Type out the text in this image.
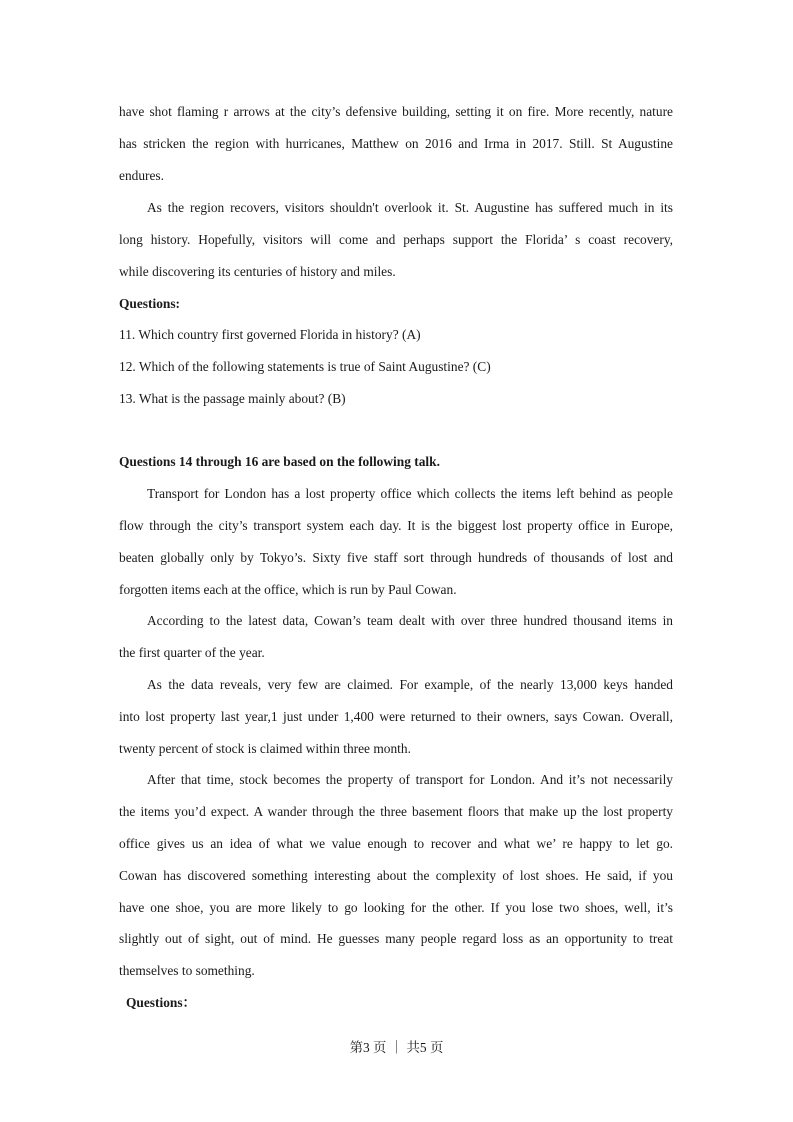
have shot flaming r arrows at the city’s defensive building, setting it on fire. More recently, nature
has stricken the region with hurricanes, Matthew on 2016 and Irma in 2017. Still. St Augustine
endures.
As the region recovers, visitors shouldn't overlook it. St. Augustine has suffered much in its
long history. Hopefully, visitors will come and perhaps support the Florida’ s coast recovery,
while discovering its centuries of history and miles.
Questions:
11. Which country first governed Florida in history? (A)
12. Which of the following statements is true of Saint Augustine? (C)
13. What is the passage mainly about? (B)
Questions 14 through 16 are based on the following talk.
Transport for London has a lost property office which collects the items left behind as people
flow through the city’s transport system each day. It is the biggest lost property office in Europe,
beaten globally only by Tokyo’s. Sixty five staff sort through hundreds of thousands of lost and
forgotten items each at the office, which is run by Paul Cowan.
According to the latest data, Cowan’s team dealt with over three hundred thousand items in
the first quarter of the year.
As the data reveals, very few are claimed. For example, of the nearly 13,000 keys handed
into lost property last year,1 just under 1,400 were returned to their owners, says Cowan. Overall,
twenty percent of stock is claimed within three month.
After that time, stock becomes the property of transport for London. And it’s not necessarily
the items you’d expect. A wander through the three basement floors that make up the lost property
office gives us an idea of what we value enough to recover and what we’ re happy to let go.
Cowan has discovered something interesting about the complexity of lost shoes. He said, if you
have one shoe, you are more likely to go looking for the other. If you lose two shoes, well, it’s
slightly out of sight, out of mind. He guesses many people regard loss as an opportunity to treat
themselves to something.
Questions：
第3 页 ｜ 共5 页
